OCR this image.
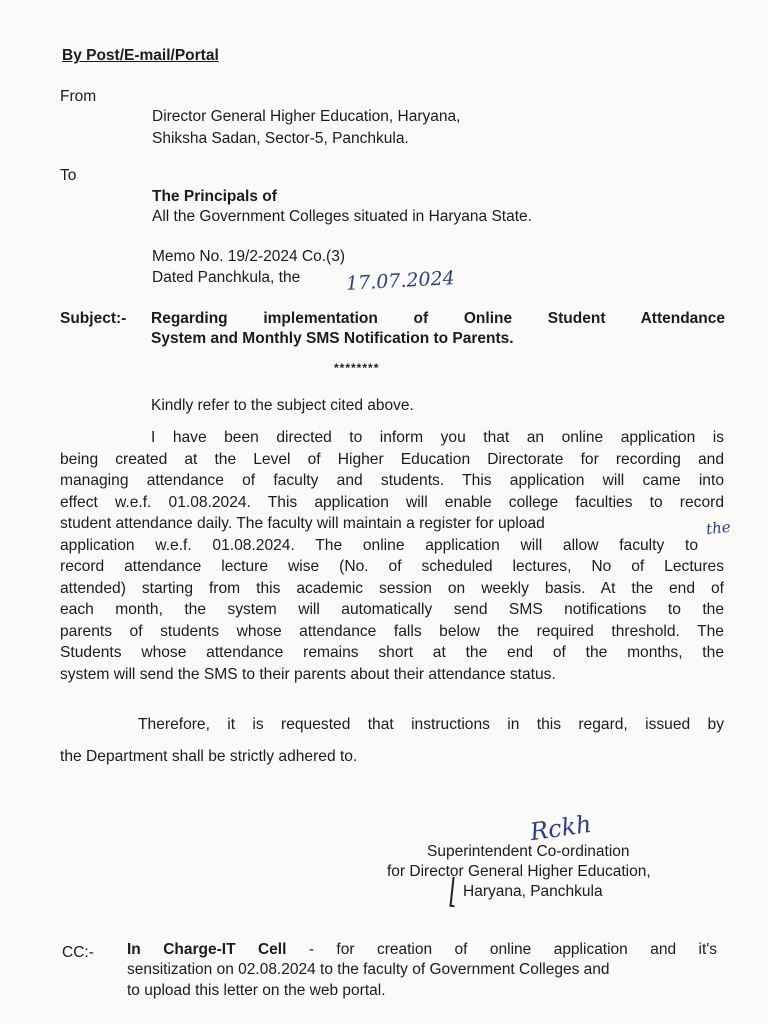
By Post/E-mail/Portal
From
Director General Higher Education, Haryana,
Shiksha Sadan, Sector-5, Panchkula.
To
The Principals of
All the Government Colleges situated in Haryana State.
Memo No. 19/2-2024 Co.(3)
Dated Panchkula, the 17.07.2024
Subject:- Regarding implementation of Online Student Attendance
System and Monthly SMS Notification to Parents.
********
Kindly refer to the subject cited above.
I have been directed to inform you that an online application is
being created at the Level of Higher Education Directorate for recording and
managing attendance of faculty and students. This application will came into
effect w.e.f. 01.08.2024. This application will enable college faculties to record
student attendance daily. The faculty will maintain a register for upload
application w.e.f. 01.08.2024. The online application will allow faculty to
record attendance lecture wise (No. of scheduled lectures, No of Lectures
attended) starting from this academic session on weekly basis. At the end of
each month, the system will automatically send SMS notifications to the
parents of students whose attendance falls below the required threshold. The
Students whose attendance remains short at the end of the months, the
system will send the SMS to their parents about their attendance status.
the
Therefore, it is requested that instructions in this regard, issued by
the Department shall be strictly adhered to.
Rckh
Superintendent Co-ordination
for Director General Higher Education,
Haryana, Panchkula
CC:- In Charge-IT Cell - for creation of online application and it's
sensitization on 02.08.2024 to the faculty of Government Colleges and
to upload this letter on the web portal.
